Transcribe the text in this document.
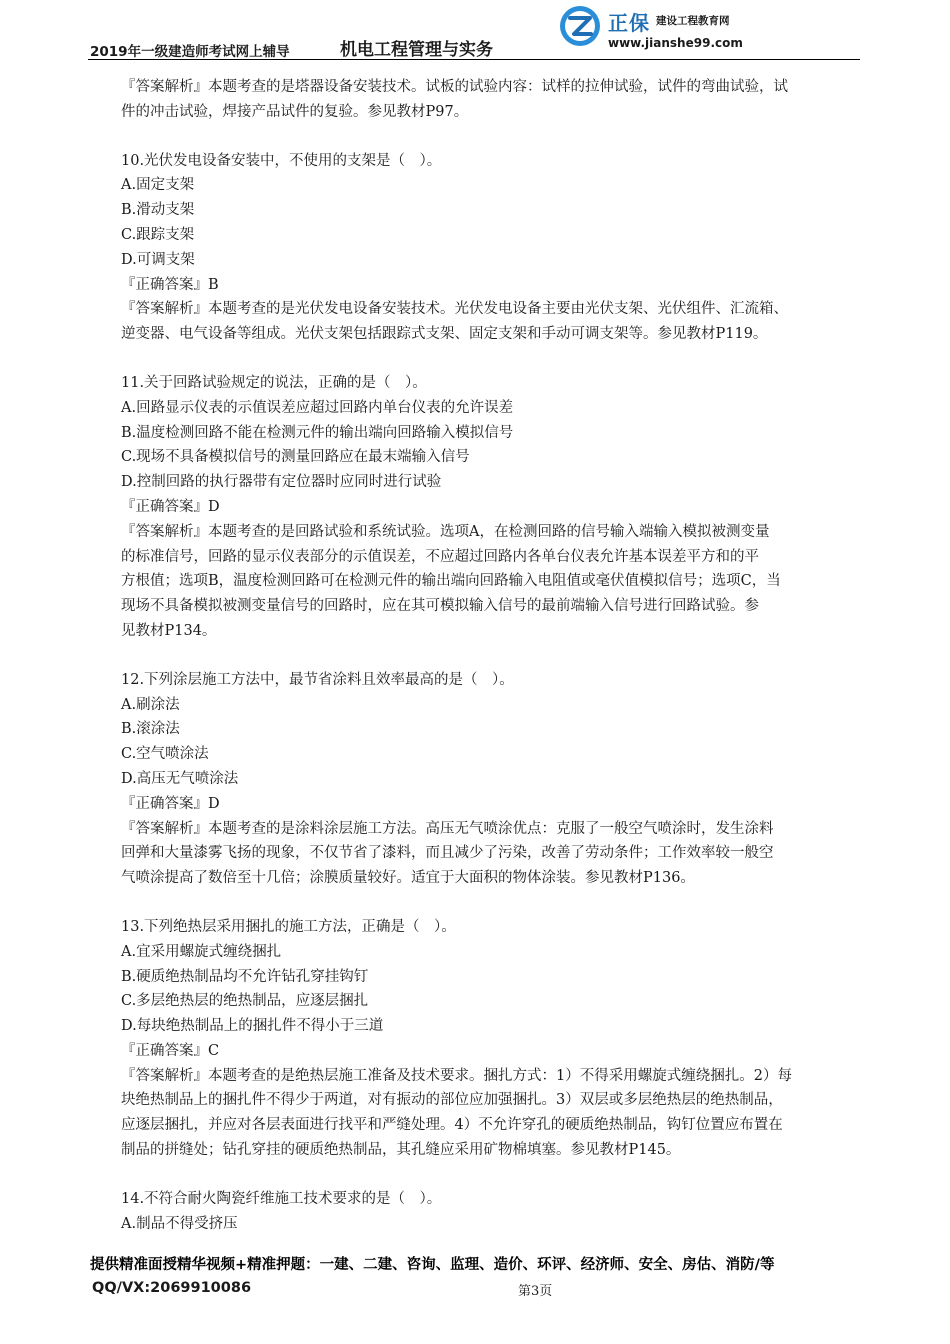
2019年一级建造师考试网上辅导	机电工程管理与实务
正保 建设工程教育网
www.jianshe99.com

『答案解析』本题考查的是塔器设备安装技术。试板的试验内容：试样的拉伸试验，试件的弯曲试验，试

件的冲击试验，焊接产品试件的复验。参见教材P97。

10.光伏发电设备安装中，不使用的支架是（　）。

A.固定支架

B.滑动支架

C.跟踪支架

D.可调支架

『正确答案』B

『答案解析』本题考查的是光伏发电设备安装技术。光伏发电设备主要由光伏支架、光伏组件、汇流箱、

逆变器、电气设备等组成。光伏支架包括跟踪式支架、固定支架和手动可调支架等。参见教材P119。

11.关于回路试验规定的说法，正确的是（　）。

A.回路显示仪表的示值误差应超过回路内单台仪表的允许误差

B.温度检测回路不能在检测元件的输出端向回路输入模拟信号

C.现场不具备模拟信号的测量回路应在最末端输入信号

D.控制回路的执行器带有定位器时应同时进行试验

『正确答案』D

『答案解析』本题考查的是回路试验和系统试验。选项A，在检测回路的信号输入端输入模拟被测变量

的标准信号，回路的显示仪表部分的示值误差，不应超过回路内各单台仪表允许基本误差平方和的平

方根值；选项B，温度检测回路可在检测元件的输出端向回路输入电阻值或毫伏值模拟信号；选项C，当

现场不具备模拟被测变量信号的回路时，应在其可模拟输入信号的最前端输入信号进行回路试验。参

见教材P134。

12.下列涂层施工方法中，最节省涂料且效率最高的是（　）。

A.刷涂法

B.滚涂法

C.空气喷涂法

D.高压无气喷涂法

『正确答案』D

『答案解析』本题考查的是涂料涂层施工方法。高压无气喷涂优点：克服了一般空气喷涂时，发生涂料

回弹和大量漆雾飞扬的现象，不仅节省了漆料，而且减少了污染，改善了劳动条件；工作效率较一般空

气喷涂提高了数倍至十几倍；涂膜质量较好。适宜于大面积的物体涂装。参见教材P136。

13.下列绝热层采用捆扎的施工方法，正确是（　）。

A.宜采用螺旋式缠绕捆扎

B.硬质绝热制品均不允许钻孔穿挂钩钉

C.多层绝热层的绝热制品，应逐层捆扎

D.每块绝热制品上的捆扎件不得小于三道

『正确答案』C

『答案解析』本题考查的是绝热层施工准备及技术要求。捆扎方式：1）不得采用螺旋式缠绕捆扎。2）每

块绝热制品上的捆扎件不得少于两道，对有振动的部位应加强捆扎。3）双层或多层绝热层的绝热制品，

应逐层捆扎，并应对各层表面进行找平和严缝处理。4）不允许穿孔的硬质绝热制品，钩钉位置应布置在

制品的拼缝处；钻孔穿挂的硬质绝热制品，其孔缝应采用矿物棉填塞。参见教材P145。

14.不符合耐火陶瓷纤维施工技术要求的是（　）。

A.制品不得受挤压

提供精准面授精华视频+精准押题：一建、二建、咨询、监理、造价、环评、经济师、安全、房估、消防/等
QQ/VX:2069910086	第3页
